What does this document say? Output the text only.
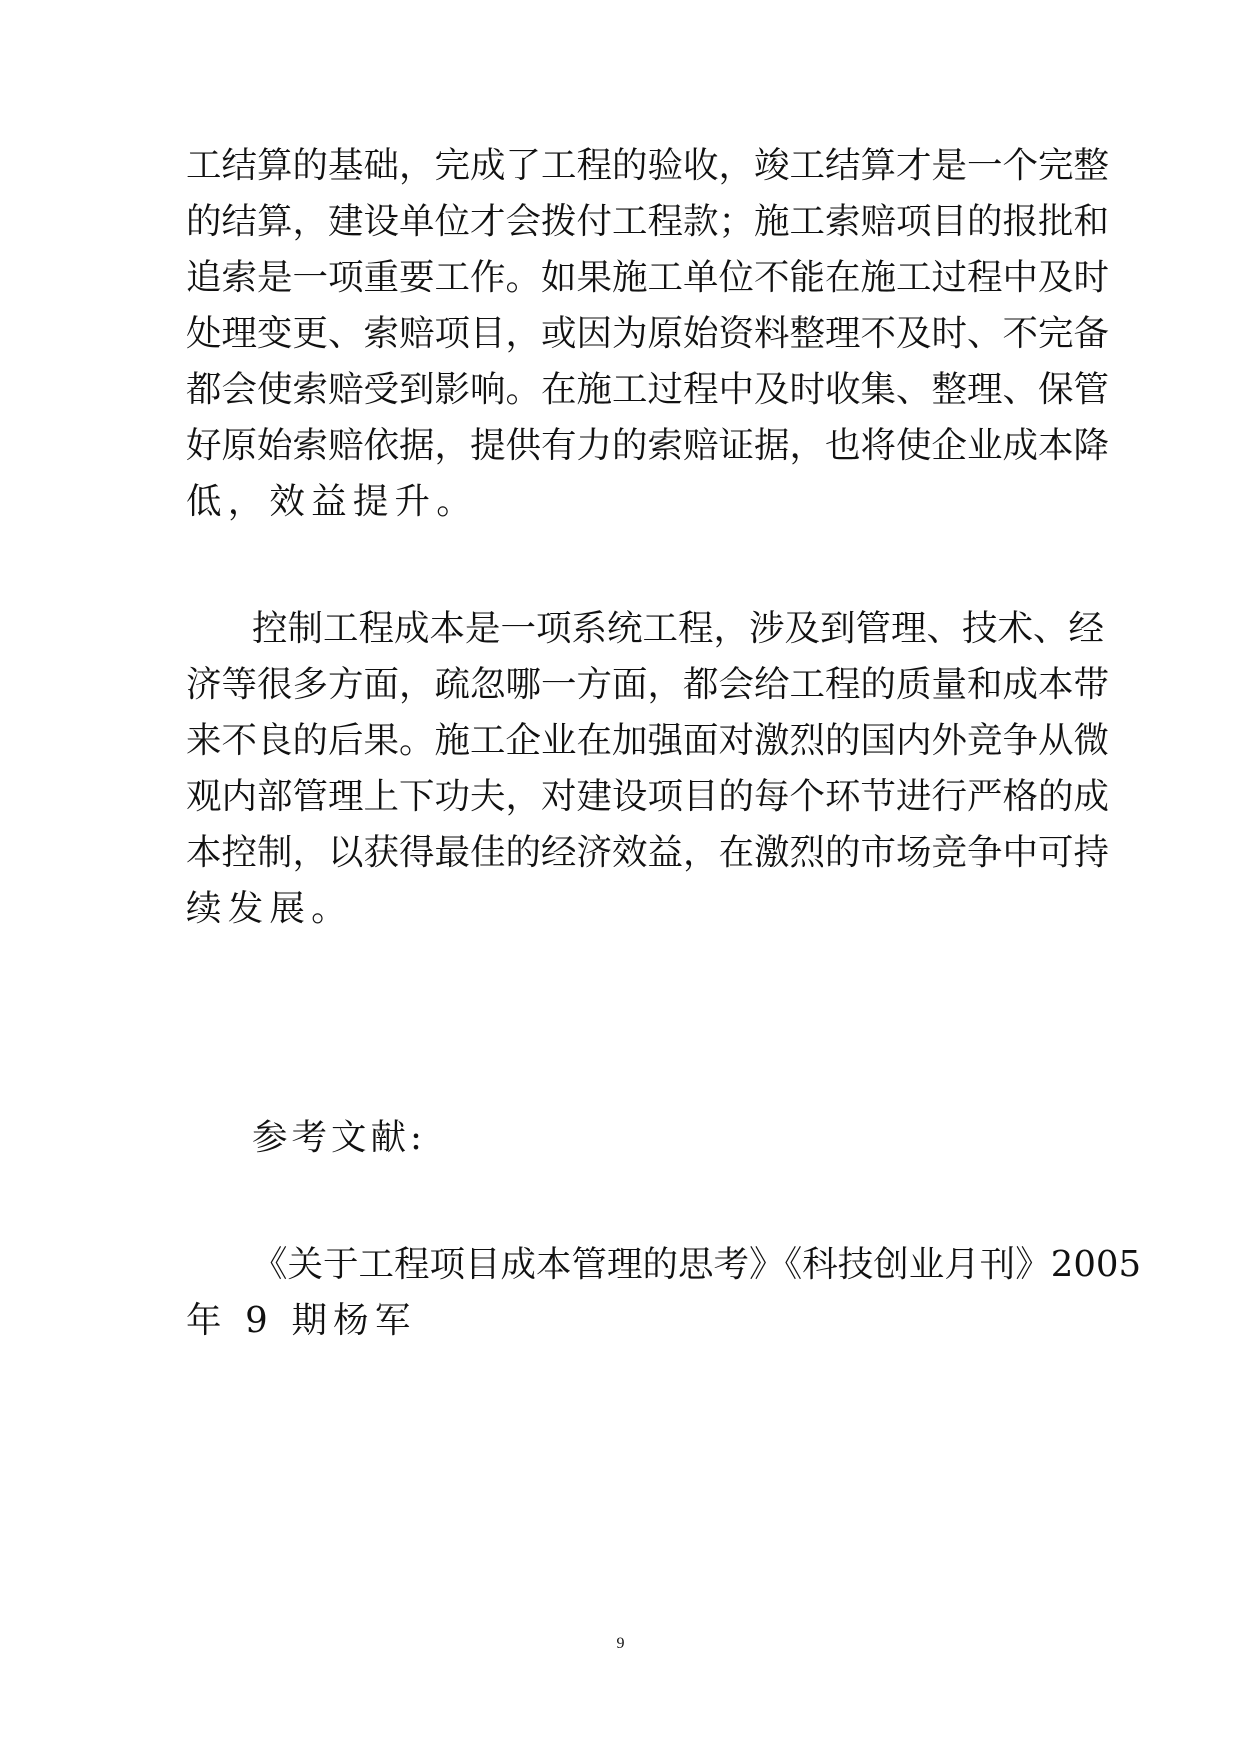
工结算的基础，完成了工程的验收，竣工结算才是一个完整
的结算，建设单位才会拨付工程款；施工索赔项目的报批和
追索是一项重要工作。如果施工单位不能在施工过程中及时
处理变更、索赔项目，或因为原始资料整理不及时、不完备
都会使索赔受到影响。在施工过程中及时收集、整理、保管
好原始索赔依据，提供有力的索赔证据，也将使企业成本降
低，效益提升。
控制工程成本是一项系统工程，涉及到管理、技术、经
济等很多方面，疏忽哪一方面，都会给工程的质量和成本带
来不良的后果。施工企业在加强面对激烈的国内外竞争从微
观内部管理上下功夫，对建设项目的每个环节进行严格的成
本控制，以获得最佳的经济效益，在激烈的市场竞争中可持
续发展。
参考文献:
《关于工程项目成本管理的思考》《科技创业月刊》2005
年 9 期杨军
9
